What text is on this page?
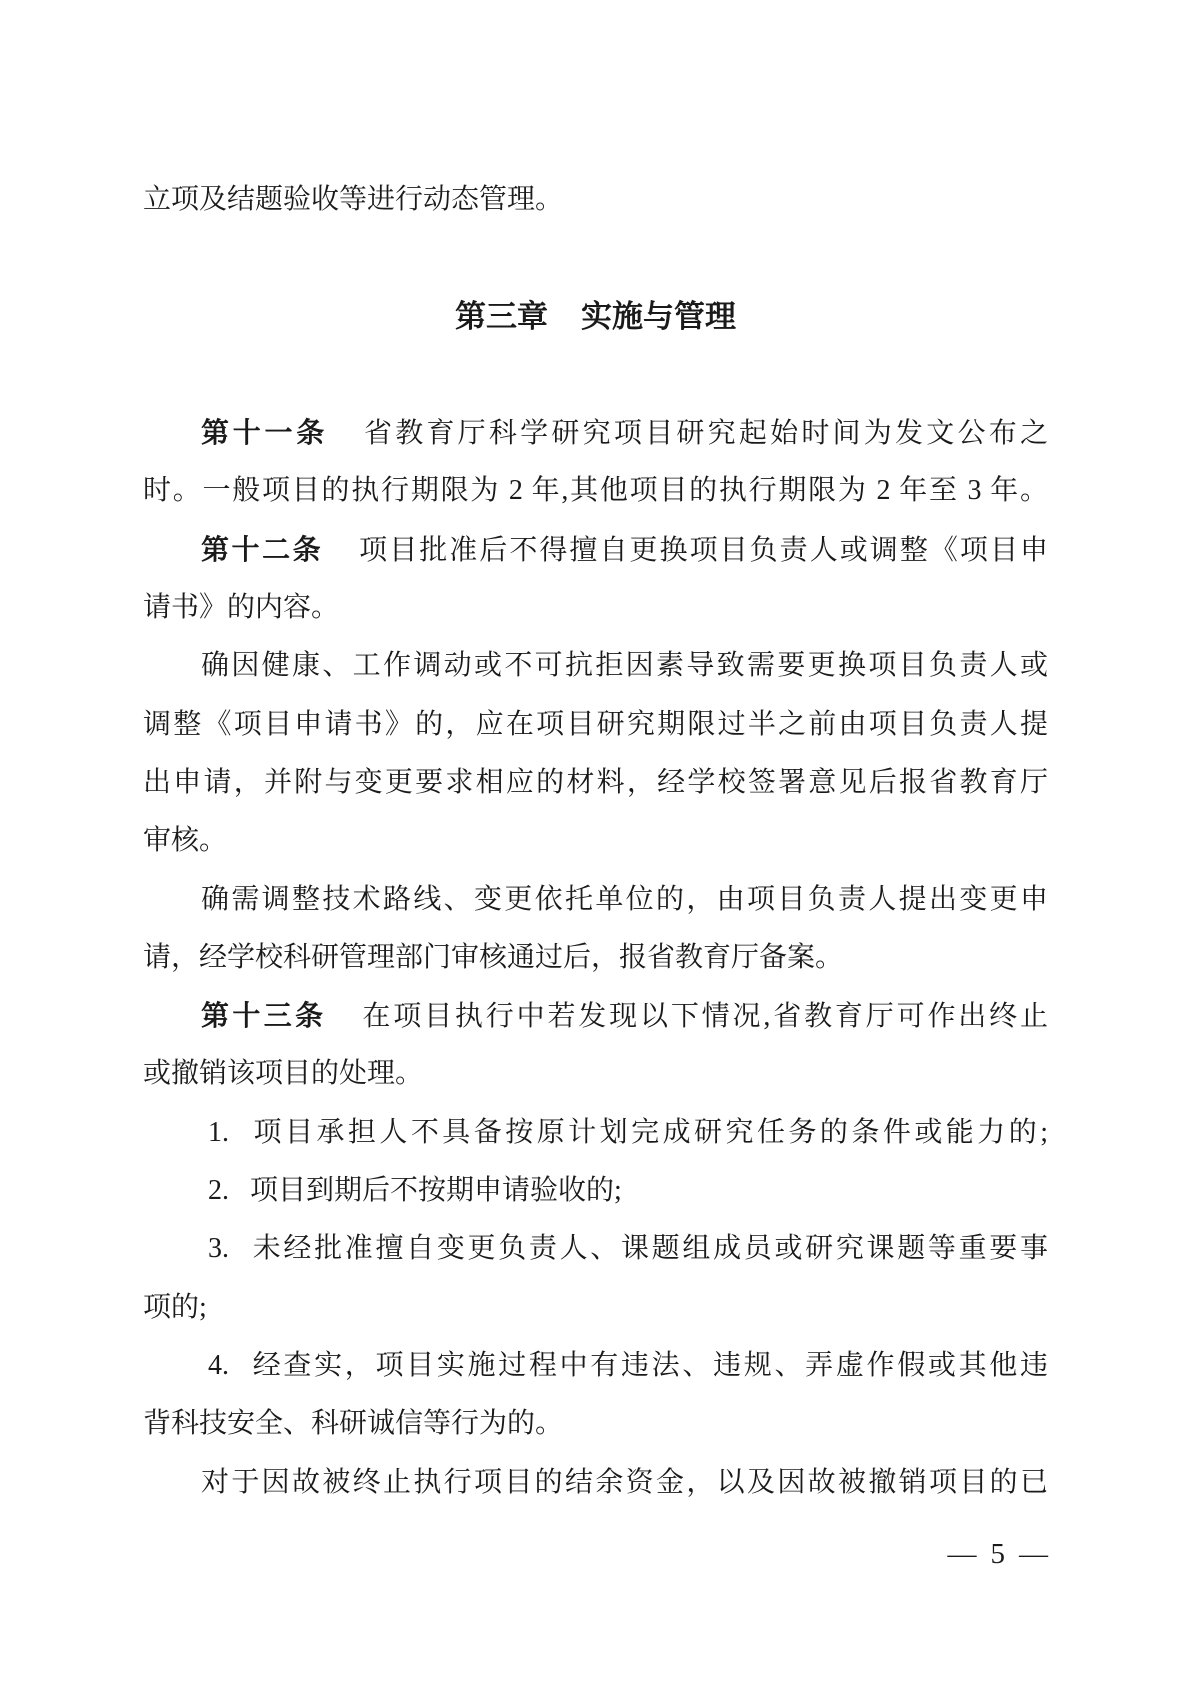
立项及结题验收等进行动态管理。
第三章 实施与管理
第十一条 省教育厅科学研究项目研究起始时间为发文公布之
时。一般项目的执行期限为 2 年,其他项目的执行期限为 2 年至 3 年。
第十二条 项目批准后不得擅自更换项目负责人或调整《项目申
请书》的内容。
确因健康、工作调动或不可抗拒因素导致需要更换项目负责人或
调整《项目申请书》的，应在项目研究期限过半之前由项目负责人提
出申请，并附与变更要求相应的材料，经学校签署意见后报省教育厅
审核。
确需调整技术路线、变更依托单位的，由项目负责人提出变更申
请，经学校科研管理部门审核通过后，报省教育厅备案。
第十三条 在项目执行中若发现以下情况,省教育厅可作出终止
或撤销该项目的处理。
1. 项目承担人不具备按原计划完成研究任务的条件或能力的;
2. 项目到期后不按期申请验收的;
3. 未经批准擅自变更负责人、课题组成员或研究课题等重要事
项的;
4. 经查实，项目实施过程中有违法、违规、弄虚作假或其他违
背科技安全、科研诚信等行为的。
对于因故被终止执行项目的结余资金，以及因故被撤销项目的已
— 5 —
